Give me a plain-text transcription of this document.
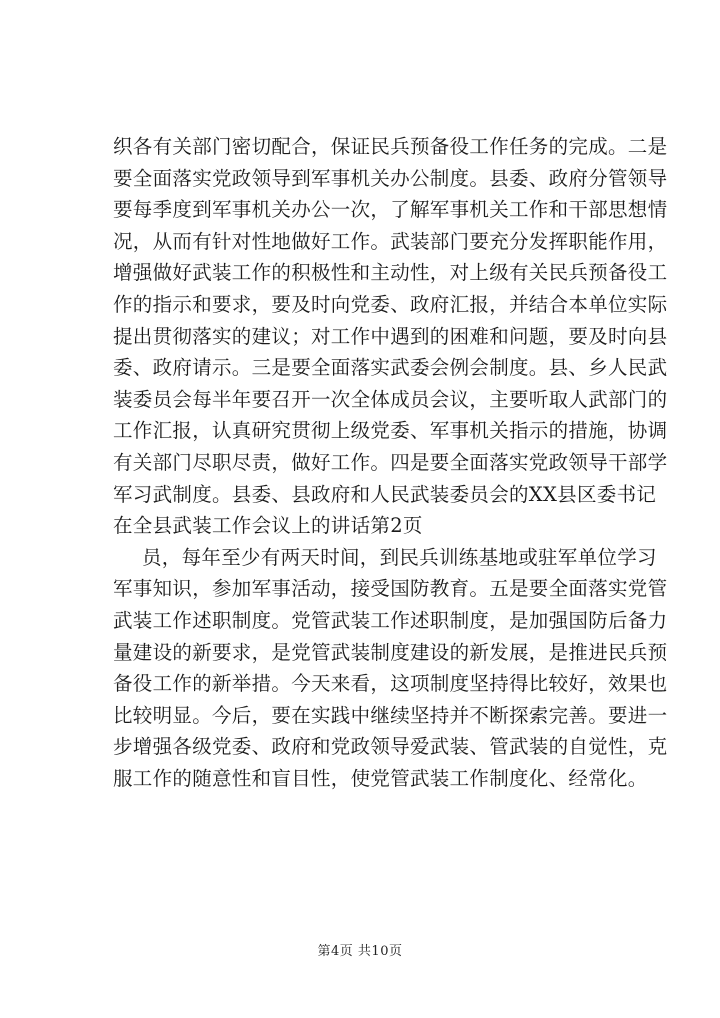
织各有关部门密切配合，保证民兵预备役工作任务的完成。二是
要全面落实党政领导到军事机关办公制度。县委、政府分管领导
要每季度到军事机关办公一次，了解军事机关工作和干部思想情
况，从而有针对性地做好工作。武装部门要充分发挥职能作用，
增强做好武装工作的积极性和主动性，对上级有关民兵预备役工
作的指示和要求，要及时向党委、政府汇报，并结合本单位实际
提出贯彻落实的建议；对工作中遇到的困难和问题，要及时向县
委、政府请示。三是要全面落实武委会例会制度。县、乡人民武
装委员会每半年要召开一次全体成员会议，主要听取人武部门的
工作汇报，认真研究贯彻上级党委、军事机关指示的措施，协调
有关部门尽职尽责，做好工作。四是要全面落实党政领导干部学
军习武制度。县委、县政府和人民武装委员会的XX县区委书记
在全县武装工作会议上的讲话第2页

员，每年至少有两天时间，到民兵训练基地或驻军单位学习
军事知识，参加军事活动，接受国防教育。五是要全面落实党管
武装工作述职制度。党管武装工作述职制度，是加强国防后备力
量建设的新要求，是党管武装制度建设的新发展，是推进民兵预
备役工作的新举措。今天来看，这项制度坚持得比较好，效果也
比较明显。今后，要在实践中继续坚持并不断探索完善。要进一
步增强各级党委、政府和党政领导爱武装、管武装的自觉性，克
服工作的随意性和盲目性，使党管武装工作制度化、经常化。

第4页 共10页
